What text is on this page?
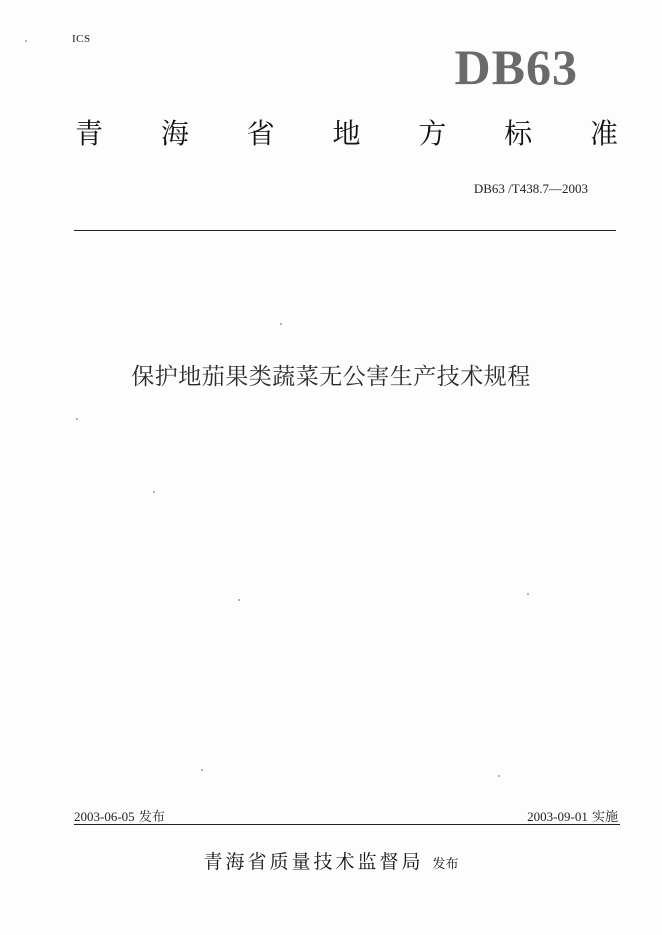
ICS	DB63
青 海 省 地 方 标 准
DB63 /T438.7—2003
保护地茄果类蔬菜无公害生产技术规程
2003-06-05 发布	2003-09-01 实施
青海省质量技术监督局 发布
